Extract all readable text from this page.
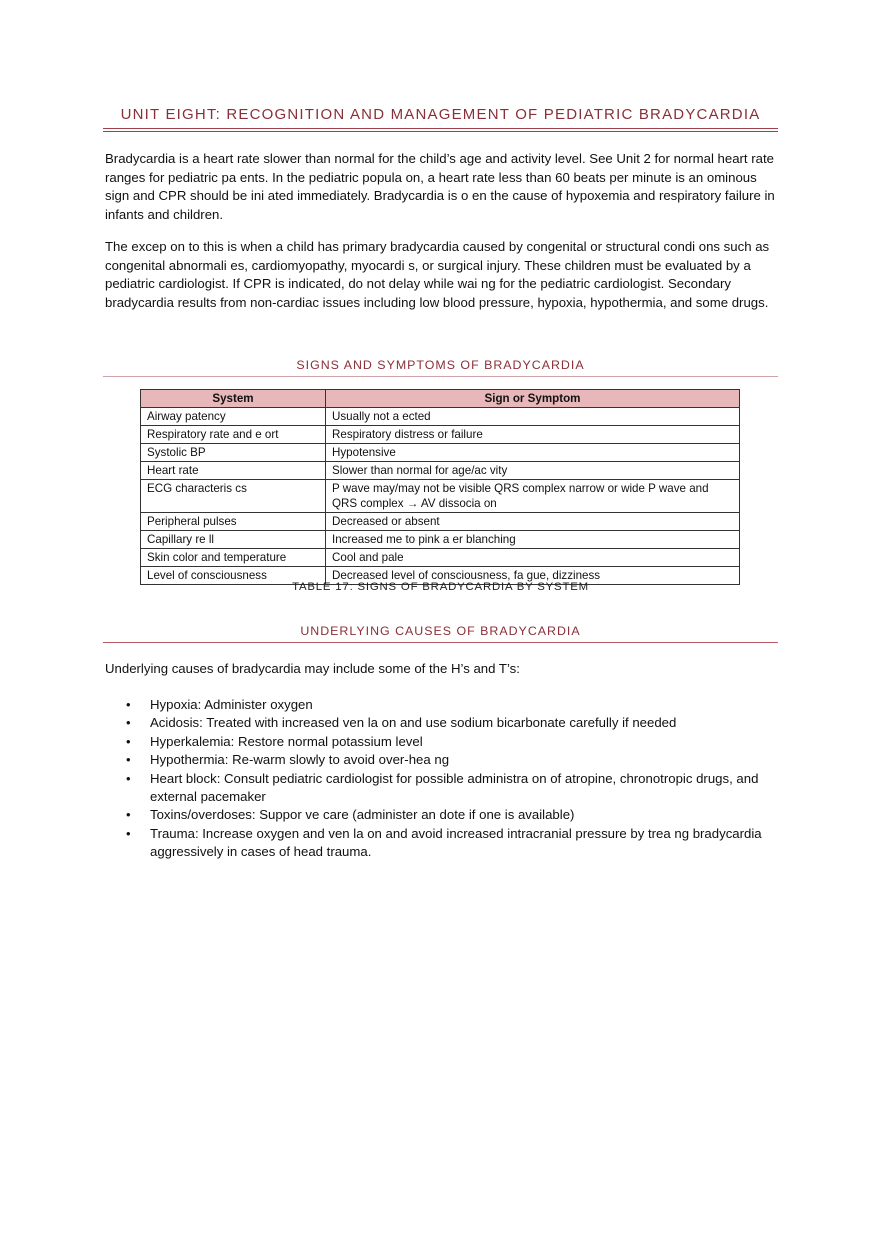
UNIT EIGHT: RECOGNITION AND MANAGEMENT OF PEDIATRIC BRADYCARDIA

Bradycardia is a heart rate slower than normal for the child’s age and activity level. See Unit 2 for normal heart rate ranges for pediatric pa ents. In the pediatric popula on, a heart rate less than 60 beats per minute is an ominous sign and CPR should be ini ated immediately. Bradycardia is o en the cause of hypoxemia and respiratory failure in infants and children.

The excep on to this is when a child has primary bradycardia caused by congenital or structural condi ons such as congenital abnormali es, cardiomyopathy, myocardi s, or surgical injury. These children must be evaluated by a pediatric cardiologist. If CPR is indicated, do not delay while wai ng for the pediatric cardiologist. Secondary bradycardia results from non-cardiac issues including low blood pressure, hypoxia, hypothermia, and some drugs.

SIGNS AND SYMPTOMS OF BRADYCARDIA
System	Sign or Symptom
Airway patency	Usually not a ected
Respiratory rate and e ort	Respiratory distress or failure
Systolic BP	Hypotensive
Heart rate	Slower than normal for age/ac vity
ECG characteris cs	P wave may/may not be visible QRS complex narrow or wide P wave and QRS complex → AV dissocia on
Peripheral pulses	Decreased or absent
Capillary re ll	Increased me to pink a er blanching
Skin color and temperature	Cool and pale
Level of consciousness	Decreased level of consciousness, fa gue, dizziness
TABLE 17: SIGNS OF BRADYCARDIA BY SYSTEM
UNDERLYING CAUSES OF BRADYCARDIA

Underlying causes of bradycardia may include some of the H’s and T’s:

• Hypoxia: Administer oxygen
• Acidosis: Treated with increased ven la on and use sodium bicarbonate carefully if needed
• Hyperkalemia: Restore normal potassium level
• Hypothermia: Re-warm slowly to avoid over-hea ng
• Heart block: Consult pediatric cardiologist for possible administra on of atropine, chronotropic drugs, and external pacemaker
• Toxins/overdoses: Suppor ve care (administer an dote if one is available)
• Trauma: Increase oxygen and ven la on and avoid increased intracranial pressure by trea ng bradycardia aggressively in cases of head trauma.
